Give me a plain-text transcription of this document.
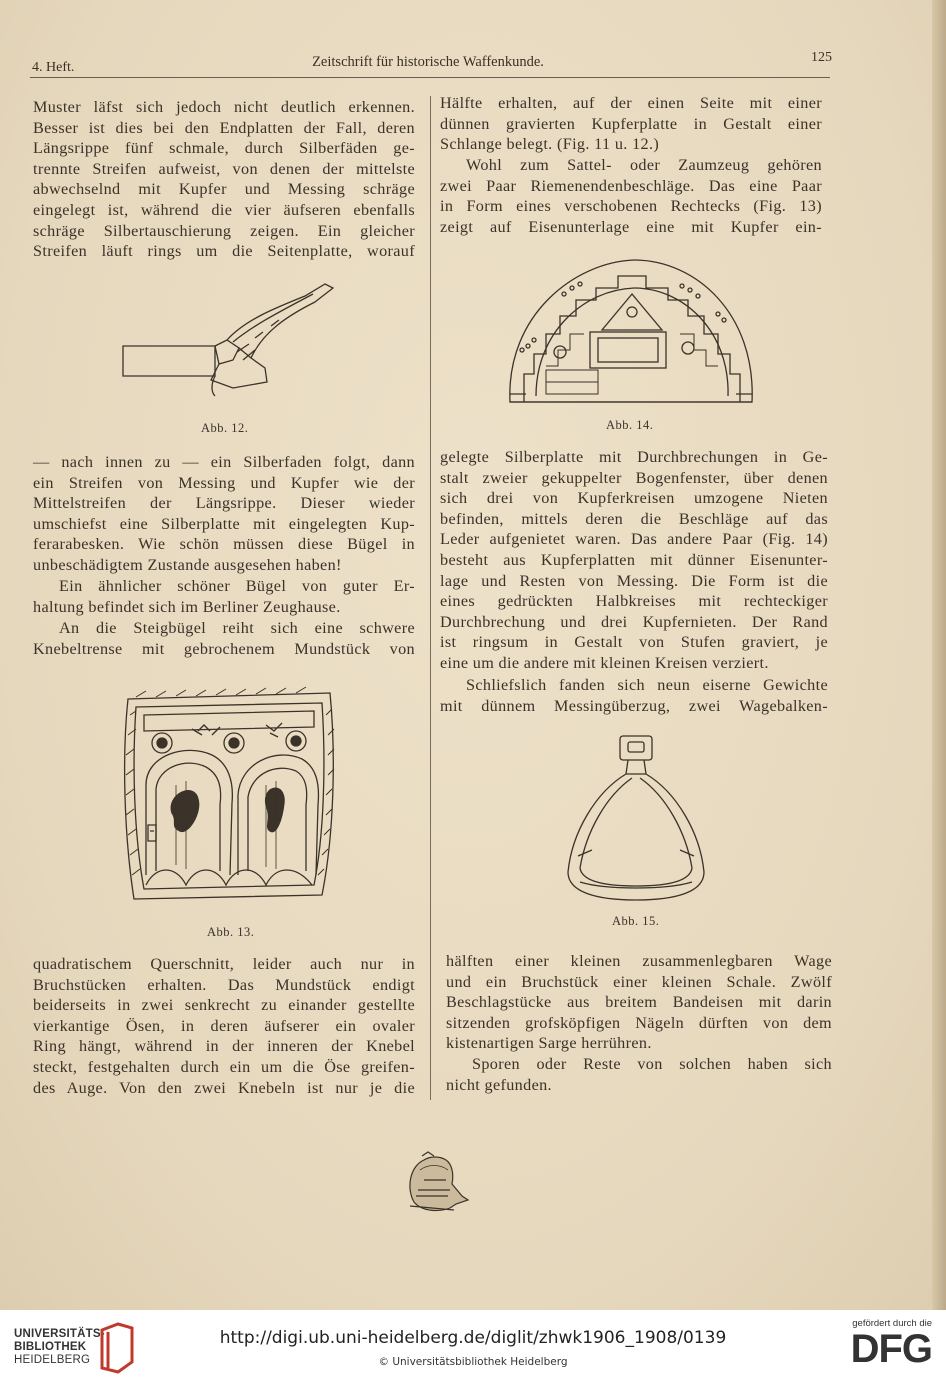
4. Heft.	Zeitschrift für historische Waffenkunde.	125

Muster läfst sich jedoch nicht deutlich erkennen.

Besser ist dies bei den Endplatten der Fall, deren

Längsrippe fünf schmale, durch Silberfäden ge-

trennte Streifen aufweist, von denen der mittelste

abwechselnd mit Kupfer und Messing schräge

eingelegt ist, während die vier äufseren ebenfalls

schräge Silbertauschierung zeigen. Ein gleicher

Streifen läuft rings um die Seitenplatte, worauf

Abb. 12.

— nach innen zu — ein Silberfaden folgt, dann

ein Streifen von Messing und Kupfer wie der

Mittelstreifen der Längsrippe. Dieser wieder

umschiefst eine Silberplatte mit eingelegten Kup-

ferarabesken. Wie schön müssen diese Bügel in

unbeschädigtem Zustande ausgesehen haben!

Ein ähnlicher schöner Bügel von guter Er-

haltung befindet sich im Berliner Zeughause.

An die Steigbügel reiht sich eine schwere

Knebeltrense mit gebrochenem Mundstück von

Abb. 13.

quadratischem Querschnitt, leider auch nur in

Bruchstücken erhalten. Das Mundstück endigt

beiderseits in zwei senkrecht zu einander gestellte

vierkantige Ösen, in deren äufserer ein ovaler

Ring hängt, während in der inneren der Knebel

steckt, festgehalten durch ein um die Öse greifen-

des Auge. Von den zwei Knebeln ist nur je die

Hälfte erhalten, auf der einen Seite mit einer

dünnen gravierten Kupferplatte in Gestalt einer

Schlange belegt. (Fig. 11 u. 12.)

Wohl zum Sattel- oder Zaumzeug gehören

zwei Paar Riemenendenbeschläge. Das eine Paar

in Form eines verschobenen Rechtecks (Fig. 13)

zeigt auf Eisenunterlage eine mit Kupfer ein-

Abb. 14.

gelegte Silberplatte mit Durchbrechungen in Ge-

stalt zweier gekuppelter Bogenfenster, über denen

sich drei von Kupferkreisen umzogene Nieten

befinden, mittels deren die Beschläge auf das

Leder aufgenietet waren. Das andere Paar (Fig. 14)

besteht aus Kupferplatten mit dünner Eisenunter-

lage und Resten von Messing. Die Form ist die

eines gedrückten Halbkreises mit rechteckiger

Durchbrechung und drei Kupfernieten. Der Rand

ist ringsum in Gestalt von Stufen graviert, je

eine um die andere mit kleinen Kreisen verziert.

Schliefslich fanden sich neun eiserne Gewichte

mit dünnem Messingüberzug, zwei Wagebalken-

Abb. 15.

hälften einer kleinen zusammenlegbaren Wage

und ein Bruchstück einer kleinen Schale. Zwölf

Beschlagstücke aus breitem Bandeisen mit darin

sitzenden grofsköpfigen Nägeln dürften von dem

kistenartigen Sarge herrühren.

Sporen oder Reste von solchen haben sich

nicht gefunden.

UNIVERSITÄTS-
BIBLIOTHEK
HEIDELBERG
http://digi.ub.uni-heidelberg.de/diglit/zhwk1906_1908/0139
© Universitätsbibliothek Heidelberg
gefördert durch die
DFG
